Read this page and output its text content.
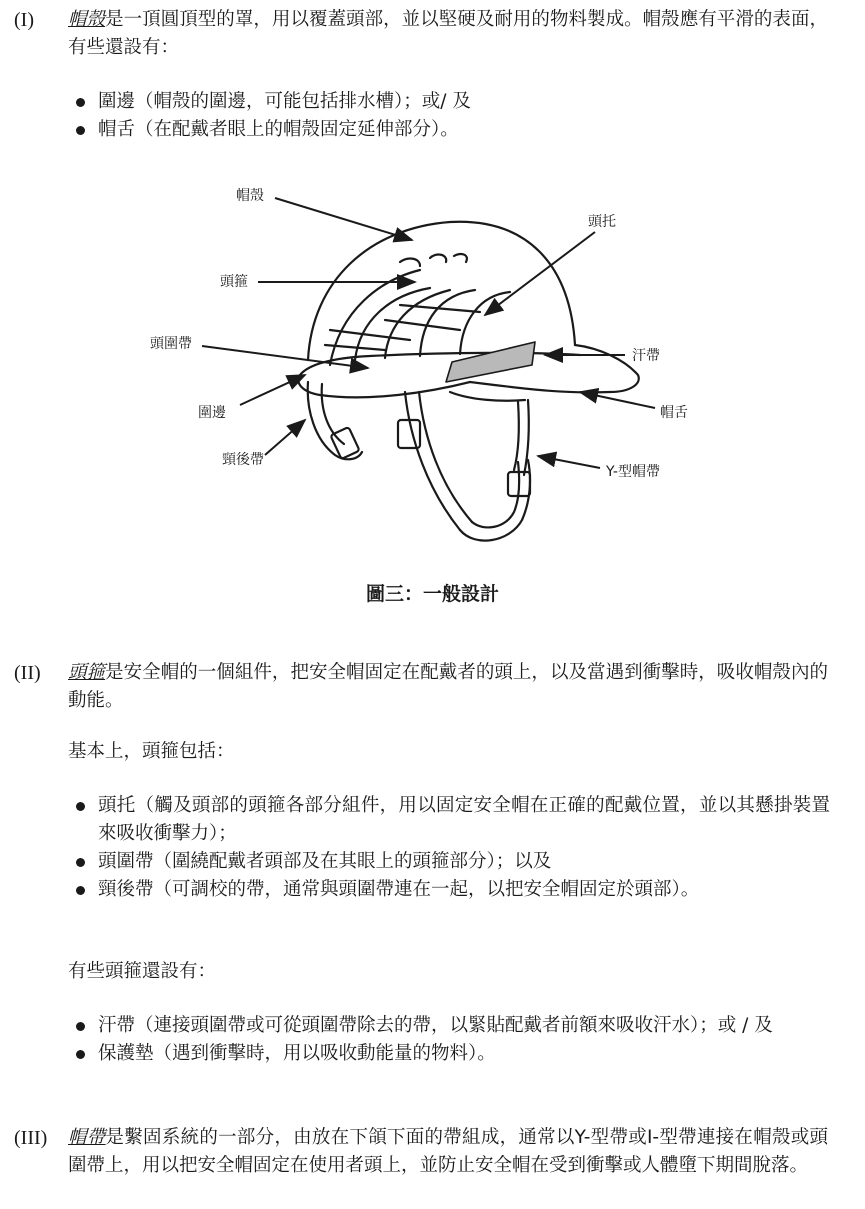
(I) 帽殼是一頂圓頂型的罩，用以覆蓋頭部，並以堅硬及耐用的物料製成。帽殼應有平滑的表面，有些還設有：
圍邊（帽殼的圍邊，可能包括排水槽）；或/ 及
帽舌（在配戴者眼上的帽殼固定延伸部分）。
帽殼
頭托
頭箍
頭圍帶
汗帶
圍邊	帽舌
頸後帶
Y-型帽帶
圖三：一般設計
(II) 頭箍是安全帽的一個組件，把安全帽固定在配戴者的頭上，以及當遇到衝擊時，吸收帽殼內的動能。
基本上，頭箍包括：
頭托（觸及頭部的頭箍各部分組件，用以固定安全帽在正確的配戴位置，並以其懸掛裝置來吸收衝擊力）；
頭圍帶（圍繞配戴者頭部及在其眼上的頭箍部分）；以及
頸後帶（可調校的帶，通常與頭圍帶連在一起，以把安全帽固定於頭部）。
有些頭箍還設有：
汗帶（連接頭圍帶或可從頭圍帶除去的帶，以緊貼配戴者前額來吸收汗水）；或 / 及
保護墊（遇到衝擊時，用以吸收動能量的物料）。
(III) 帽帶是繫固系統的一部分，由放在下頜下面的帶組成，通常以Y-型帶或I-型帶連接在帽殼或頭圍帶上，用以把安全帽固定在使用者頭上，並防止安全帽在受到衝擊或人體墮下期間脫落。
